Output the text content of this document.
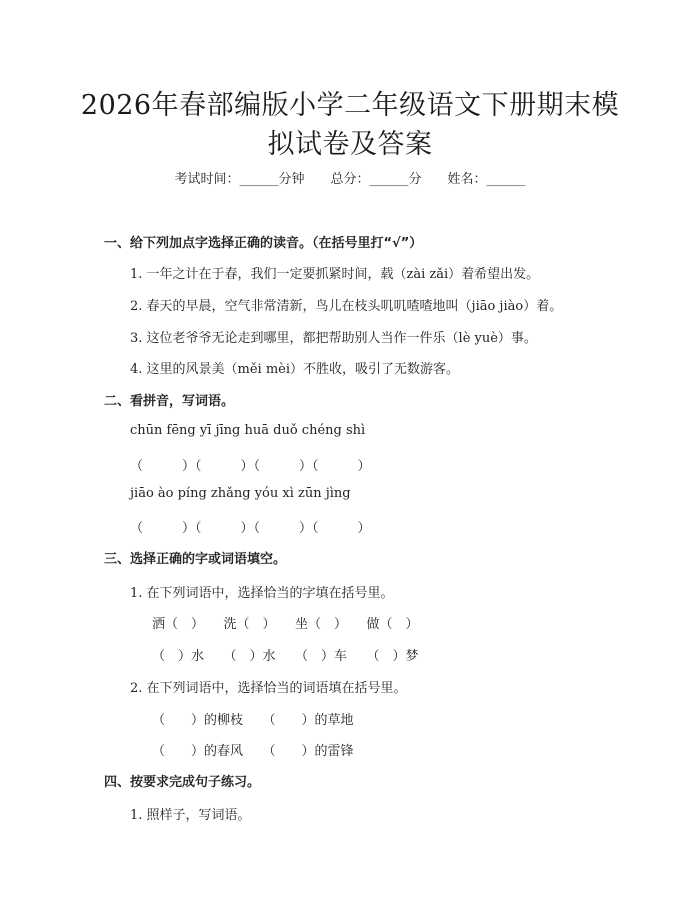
2026年春部编版小学二年级语文下册期末模
拟试卷及答案
考试时间：______分钟　　总分：______分　　姓名：______
一、给下列加点字选择正确的读音。（在括号里打“√”）
1. 一年之计在于春，我们一定要抓紧时间，载（zài zǎi）着希望出发。
2. 春天的早晨，空气非常清新，鸟儿在枝头叽叽喳喳地叫（jiāo jiào）着。
3. 这位老爷爷无论走到哪里，都把帮助别人当作一件乐（lè yuè）事。
4. 这里的风景美（měi mèi）不胜收，吸引了无数游客。
二、看拼音，写词语。
chūn fēng yī jīng huā duǒ chéng shì
（　　　）（　　　）（　　　）（　　　）
jiāo ào píng zhǎng yóu xì zūn jìng
（　　　）（　　　）（　　　）（　　　）
三、选择正确的字或词语填空。
1. 在下列词语中，选择恰当的字填在括号里。
洒（　）　　洗（　）　　坐（　）　　做（　）
（　）水　　（　）水　　（　）车　　（　）梦
2. 在下列词语中，选择恰当的词语填在括号里。
（　　）的柳枝　　（　　）的草地
（　　）的春风　　（　　）的雷锋
四、按要求完成句子练习。
1. 照样子，写词语。
